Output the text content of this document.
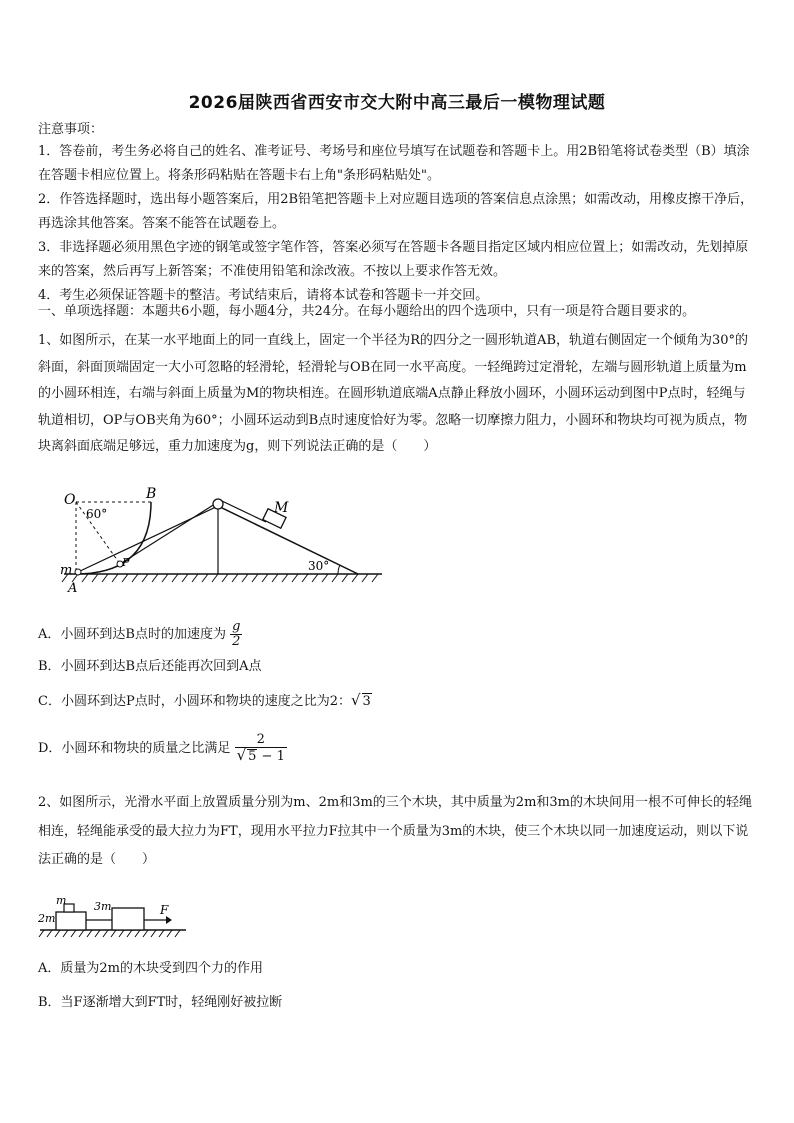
2026届陕西省西安市交大附中高三最后一模物理试题
注意事项：

1．答卷前，考生务必将自己的姓名、准考证号、考场号和座位号填写在试题卷和答题卡上。用2B铅笔将试卷类型（B）填涂在答题卡相应位置上。将条形码粘贴在答题卡右上角"条形码粘贴处"。

2．作答选择题时，选出每小题答案后，用2B铅笔把答题卡上对应题目选项的答案信息点涂黑；如需改动，用橡皮擦干净后，再选涂其他答案。答案不能答在试题卷上。

3．非选择题必须用黑色字迹的钢笔或签字笔作答，答案必须写在答题卡各题目指定区域内相应位置上；如需改动，先划掉原来的答案，然后再写上新答案；不准使用铅笔和涂改液。不按以上要求作答无效。

4．考生必须保证答题卡的整洁。考试结束后，请将本试卷和答题卡一并交回。

一、单项选择题：本题共6小题，每小题4分，共24分。在每小题给出的四个选项中，只有一项是符合题目要求的。

1、如图所示，在某一水平地面上的同一直线上，固定一个半径为R的四分之一圆形轨道AB，轨道右侧固定一个倾角为30°的斜面，斜面顶端固定一大小可忽略的轻滑轮，轻滑轮与OB在同一水平高度。一轻绳跨过定滑轮，左端与圆形轨道上质量为m的小圆环相连，右端与斜面上质量为M的物块相连。在圆形轨道底端A点静止释放小圆环，小圆环运动到图中P点时，轻绳与轨道相切，OP与OB夹角为60°；小圆环运动到B点时速度恰好为零。忽略一切摩擦力阻力，小圆环和物块均可视为质点，物块离斜面底端足够远，重力加速度为g，则下列说法正确的是（　　）

O	B
60°	M
m
A
P	30°
A．小圆环到达B点时的加速度为 $\frac{g}{2}$
B．小圆环到达B点后还能再次回到A点
C．小圆环到达P点时，小圆环和物块的速度之比为2：√ 3
D．小圆环和物块的质量之比满足 $\frac{2}{√ 5 - 1}$

2、如图所示，光滑水平面上放置质量分别为m、2m和3m的三个木块，其中质量为2m和3m的木块间用一根不可伸长的轻绳相连，轻绳能承受的最大拉力为FT，现用水平拉力F拉其中一个质量为3m的木块，使三个木块以同一加速度运动，则以下说法正确的是（　　）

m
2m
3m	F
A．质量为2m的木块受到四个力的作用
B．当F逐渐增大到FT时，轻绳刚好被拉断
